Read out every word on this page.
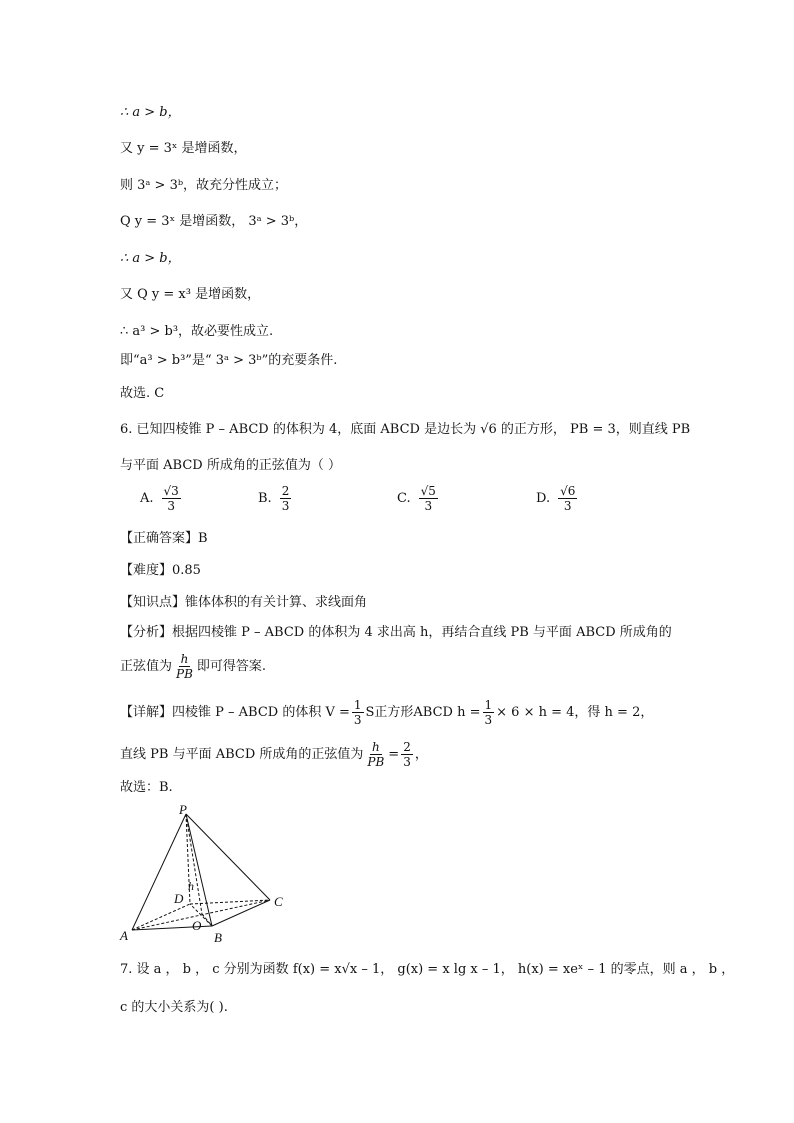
∴ a > b，
又 y = 3ˣ 是增函数，
则 3ᵃ > 3ᵇ，故充分性成立；
Q y = 3ˣ 是增函数， 3ᵃ > 3ᵇ，
∴ a > b，
又 Q y = x³ 是增函数，
∴ a³ > b³，故必要性成立.
即“a³ > b³”是“ 3ᵃ > 3ᵇ”的充要条件.
故选. C
6. 已知四棱锥 P – ABCD 的体积为 4，底面 ABCD 是边长为 √6 的正方形， PB = 3，则直线 PB
与平面 ABCD 所成角的正弦值为（ ）
A. $\frac{√3}{3}$	B. $\frac{2}{3}$	C. $\frac{√5}{3}$	D. $\frac{√6}{3}$
【正确答案】B
【难度】0.85
【知识点】锥体体积的有关计算、求线面角
【分析】根据四棱锥 P – ABCD 的体积为 4 求出高 h，再结合直线 PB 与平面 ABCD 所成角的
正弦值为 $\frac{h}{PB}$ 即可得答案.
【详解】四棱锥 P – ABCD 的体积 $V = \frac{1}{3}$ S正方形ABCD $h = \frac{1}{3} \times 6 \times h = 4$，得 h = 2，
直线 PB 与平面 ABCD 所成角的正弦值为 $\frac{h}{PB} = \frac{2}{3}$ ，
故选：B.
P
A	B
C
D
O
h
7. 设 a ， b ， c 分别为函数 f(x) = x√x – 1， g(x) = x lg x – 1， h(x) = xeˣ – 1 的零点，则 a ， b ，
c 的大小关系为( ).
